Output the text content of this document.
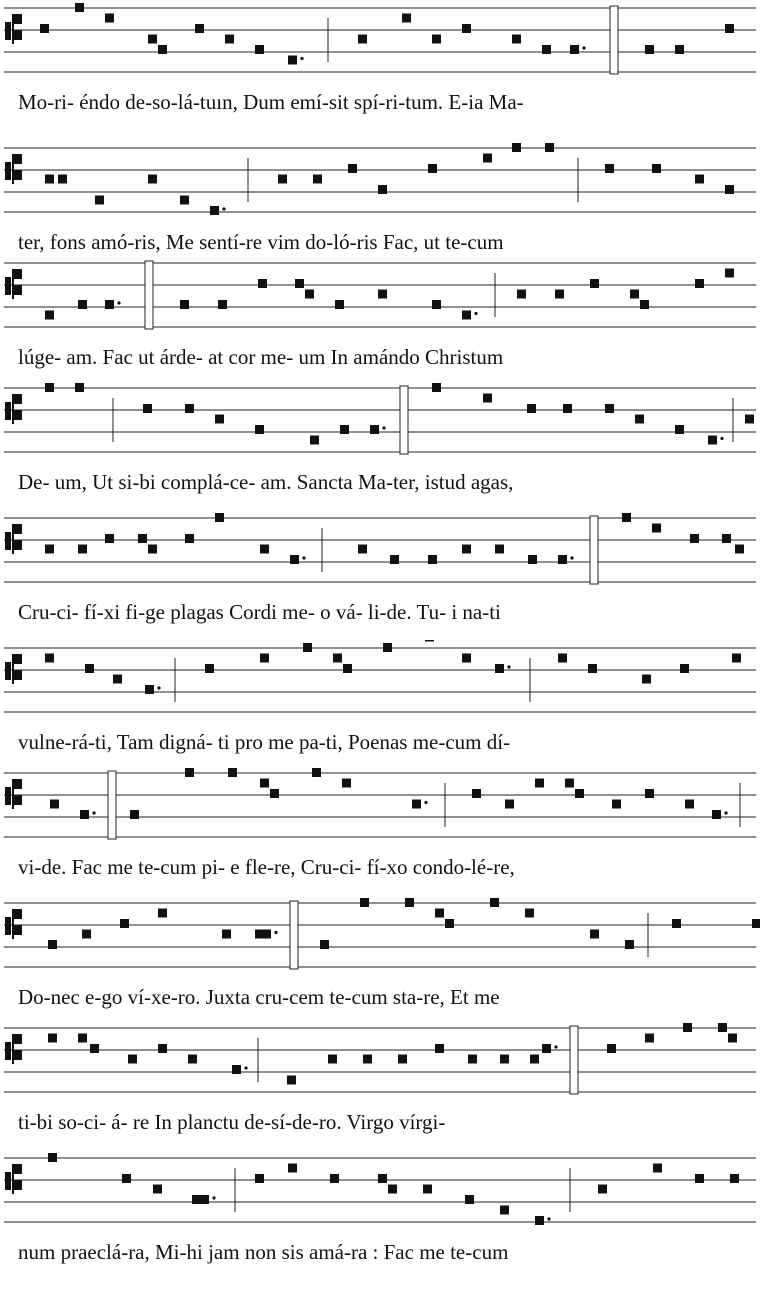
Mo-ri- éndo de-so-lá-tuın, Dum emí-sit spí-ri-tum. E-ia Ma-
ter, fons amó-ris, Me sentí-re vim do-ló-ris Fac, ut te-cum
lúge- am. Fac ut árde- at cor me- um In amándo Christum
De- um, Ut si-bi complá-ce- am. Sancta Ma-ter, istud agas,
Cru-ci- fí-xi fi-ge plagas Cordi me- o vá- li-de. Tu- i na-ti
vulne-rá-ti, Tam digná- ti pro me pa-ti, Poenas me-cum dí-
vi-de. Fac me te-cum pi- e fle-re, Cru-ci- fí-xo condo-lé-re,
Do-nec e-go ví-xe-ro. Juxta cru-cem te-cum sta-re, Et me
ti-bi so-ci- á- re In planctu de-sí-de-ro. Virgo vírgi-
num praeclá-ra, Mi-hi jam non sis amá-ra : Fac me te-cum
